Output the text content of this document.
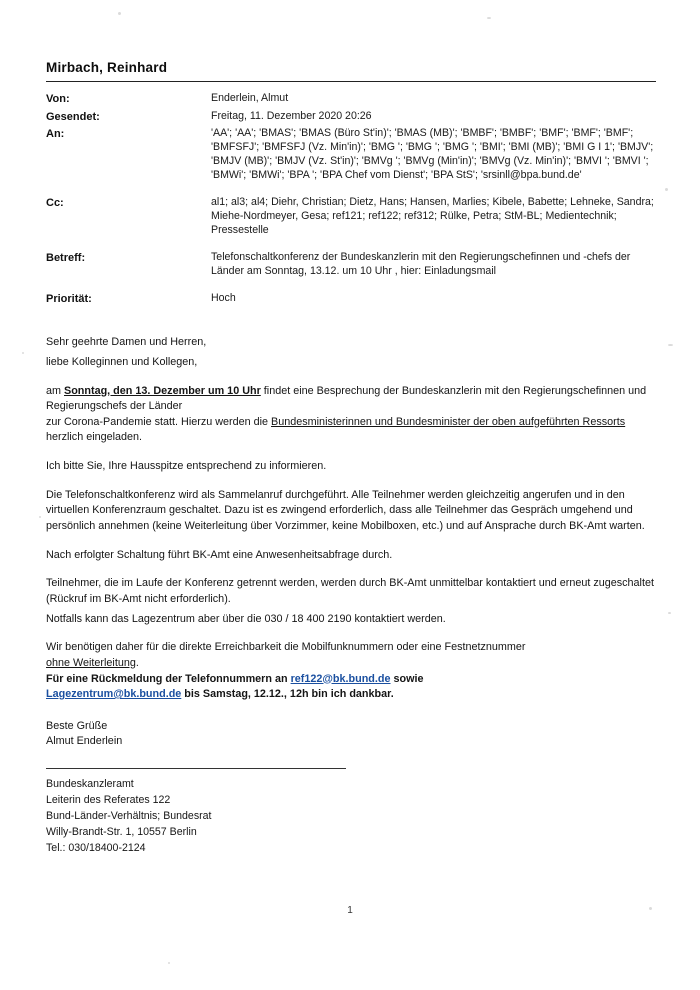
Mirbach, Reinhard
Von:	Enderlein, Almut
Gesendet:	Freitag, 11. Dezember 2020 20:26
An:	'AA'; 'AA'; 'BMAS'; 'BMAS (Büro St'in)'; 'BMAS (MB)'; 'BMBF'; 'BMBF'; 'BMF'; 'BMF'; 'BMF'; 'BMFSFJ'; 'BMFSFJ (Vz. Min'in)'; 'BMG '; 'BMG '; 'BMG '; 'BMI'; 'BMI (MB)'; 'BMI G I 1'; 'BMJV'; 'BMJV (MB)'; 'BMJV (Vz. St'in)'; 'BMVg '; 'BMVg (Min'in)'; 'BMVg (Vz. Min'in)'; 'BMVI '; 'BMVI '; 'BMWi'; 'BMWi'; 'BPA '; 'BPA Chef vom Dienst'; 'BPA StS'; 'srsinll@bpa.bund.de'

Cc:	al1; al3; al4; Diehr, Christian; Dietz, Hans; Hansen, Marlies; Kibele, Babette; Lehneke, Sandra; Miehe-Nordmeyer, Gesa; ref121; ref122; ref312; Rülke, Petra; StM-BL; Medientechnik; Pressestelle

Betreff:	Telefonschaltkonferenz der Bundeskanzlerin mit den Regierungschefinnen und -chefs der Länder am Sonntag, 13.12. um 10 Uhr , hier: Einladungsmail

Priorität:	Hoch
Sehr geehrte Damen und Herren,
liebe Kolleginnen und Kollegen,
am Sonntag, den 13. Dezember um 10 Uhr findet eine Besprechung der Bundeskanzlerin mit den Regierungschefinnen und Regierungschefs der Länder
zur Corona-Pandemie statt. Hierzu werden die Bundesministerinnen und Bundesminister der oben aufgeführten Ressorts herzlich eingeladen.
Ich bitte Sie, Ihre Hausspitze entsprechend zu informieren.
Die Telefonschaltkonferenz wird als Sammelanruf durchgeführt. Alle Teilnehmer werden gleichzeitig angerufen und in den virtuellen Konferenzraum geschaltet. Dazu ist es zwingend erforderlich, dass alle Teilnehmer das Gespräch umgehend und persönlich annehmen (keine Weiterleitung über Vorzimmer, keine Mobilboxen, etc.) und auf Ansprache durch BK-Amt warten.
Nach erfolgter Schaltung führt BK-Amt eine Anwesenheitsabfrage durch.
Teilnehmer, die im Laufe der Konferenz getrennt werden, werden durch BK-Amt unmittelbar kontaktiert und erneut zugeschaltet (Rückruf im BK-Amt nicht erforderlich).
Notfalls kann das Lagezentrum aber über die 030 / 18 400 2190 kontaktiert werden.
Wir benötigen daher für die direkte Erreichbarkeit die Mobilfunknummern oder eine Festnetznummer
ohne Weiterleitung.
Für eine Rückmeldung der Telefonnummern an ref122@bk.bund.de sowie
Lagezentrum@bk.bund.de bis Samstag, 12.12., 12h bin ich dankbar.
Beste Grüße
Almut Enderlein
Bundeskanzleramt
Leiterin des Referates 122
Bund-Länder-Verhältnis; Bundesrat
Willy-Brandt-Str. 1, 10557 Berlin
Tel.: 030/18400-2124
1
